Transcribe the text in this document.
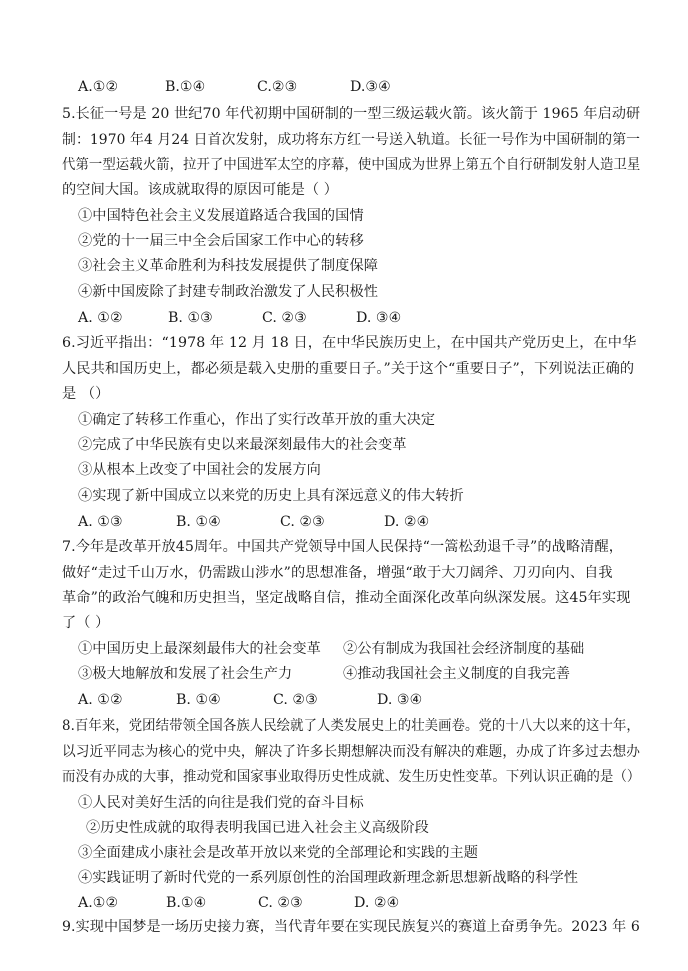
A.①②	B.①④	C.②③	D.③④
5.长征一号是 20 世纪70 年代初期中国研制的一型三级运载火箭。该火箭于 1965 年启动研
制：1970 年4 月24 日首次发射，成功将东方红一号送入轨道。长征一号作为中国研制的第一
代第一型运载火箭，拉开了中国进军太空的序幕，使中国成为世界上第五个自行研制发射人造卫星
的空间大国。该成就取得的原因可能是（ ）
①中国特色社会主义发展道路适合我国的国情
②党的十一届三中全会后国家工作中心的转移
③社会主义革命胜利为科技发展提供了制度保障
④新中国废除了封建专制政治激发了人民积极性
A. ①②	B. ①③	C. ②③	D. ③④
6.习近平指出：“1978 年 12 月 18 日，在中华民族历史上，在中国共产党历史上，在中华
人民共和国历史上，都必须是载入史册的重要日子。”关于这个“重要日子”，下列说法正确的
是 （）
①确定了转移工作重心，作出了实行改革开放的重大决定
②完成了中华民族有史以来最深刻最伟大的社会变革
③从根本上改变了中国社会的发展方向
④实现了新中国成立以来党的历史上具有深远意义的伟大转折
A. ①③	B. ①④	C. ②③	D. ②④
7.今年是改革开放45周年。中国共产党领导中国人民保持“一篙松劲退千寻”的战略清醒，
做好“走过千山万水，仍需跋山涉水”的思想准备，增强“敢于大刀阔斧、刀刃向内、自我
革命”的政治气魄和历史担当，坚定战略自信，推动全面深化改革向纵深发展。这45年实现
了（ ）
①中国历史上最深刻最伟大的社会变革 ②公有制成为我国社会经济制度的基础
③极大地解放和发展了社会生产力	④推动我国社会主义制度的自我完善
A. ①②	B. ①④	C. ②③	D. ③④
8.百年来，党团结带领全国各族人民绘就了人类发展史上的壮美画卷。党的十八大以来的这十年，
以习近平同志为核心的党中央，解决了许多长期想解决而没有解决的难题，办成了许多过去想办
而没有办成的大事，推动党和国家事业取得历史性成就、发生历史性变革。下列认识正确的是（）
①人民对美好生活的向往是我们党的奋斗目标
②历史性成就的取得表明我国已进入社会主义高级阶段
③全面建成小康社会是改革开放以来党的全部理论和实践的主题
④实践证明了新时代党的一系列原创性的治国理政新理念新思想新战略的科学性
A.①②	B.①④	C. ②③	D. ②④
9.实现中国梦是一场历史接力赛，当代青年要在实现民族复兴的赛道上奋勇争先。2023 年 6
